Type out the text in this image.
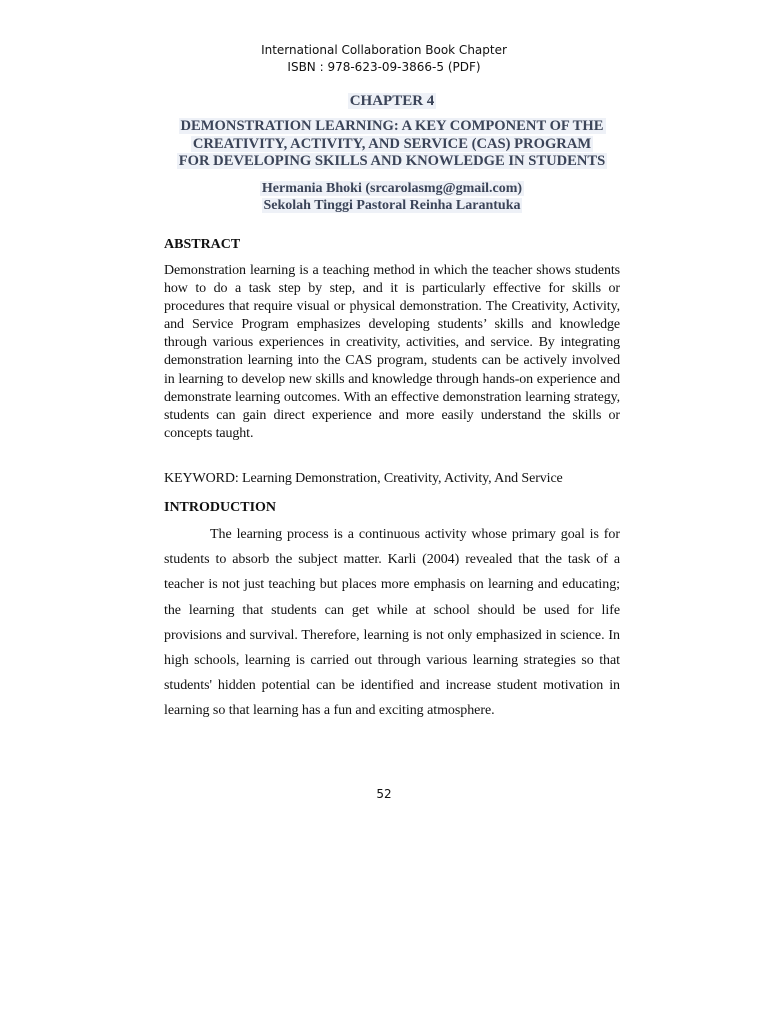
International Collaboration Book Chapter
ISBN : 978-623-09-3866-5 (PDF)
CHAPTER 4
DEMONSTRATION LEARNING: A KEY COMPONENT OF THE
CREATIVITY, ACTIVITY, AND SERVICE (CAS) PROGRAM
FOR DEVELOPING SKILLS AND KNOWLEDGE IN STUDENTS
Hermania Bhoki (srcarolasmg@gmail.com)
Sekolah Tinggi Pastoral Reinha Larantuka
ABSTRACT
Demonstration learning is a teaching method in which the teacher shows students how to do a task step by step, and it is particularly effective for skills or procedures that require visual or physical demonstration. The Creativity, Activity, and Service Program emphasizes developing students’ skills and knowledge through various experiences in creativity, activities, and service. By integrating demonstration learning into the CAS program, students can be actively involved in learning to develop new skills and knowledge through hands-on experience and demonstrate learning outcomes. With an effective demonstration learning strategy, students can gain direct experience and more easily understand the skills or concepts taught.
KEYWORD: Learning Demonstration, Creativity, Activity, And Service
INTRODUCTION
The learning process is a continuous activity whose primary goal is for students to absorb the subject matter. Karli (2004) revealed that the task of a teacher is not just teaching but places more emphasis on learning and educating; the learning that students can get while at school should be used for life provisions and survival. Therefore, learning is not only emphasized in science. In high schools, learning is carried out through various learning strategies so that students' hidden potential can be identified and increase student motivation in learning so that learning has a fun and exciting atmosphere.
52
